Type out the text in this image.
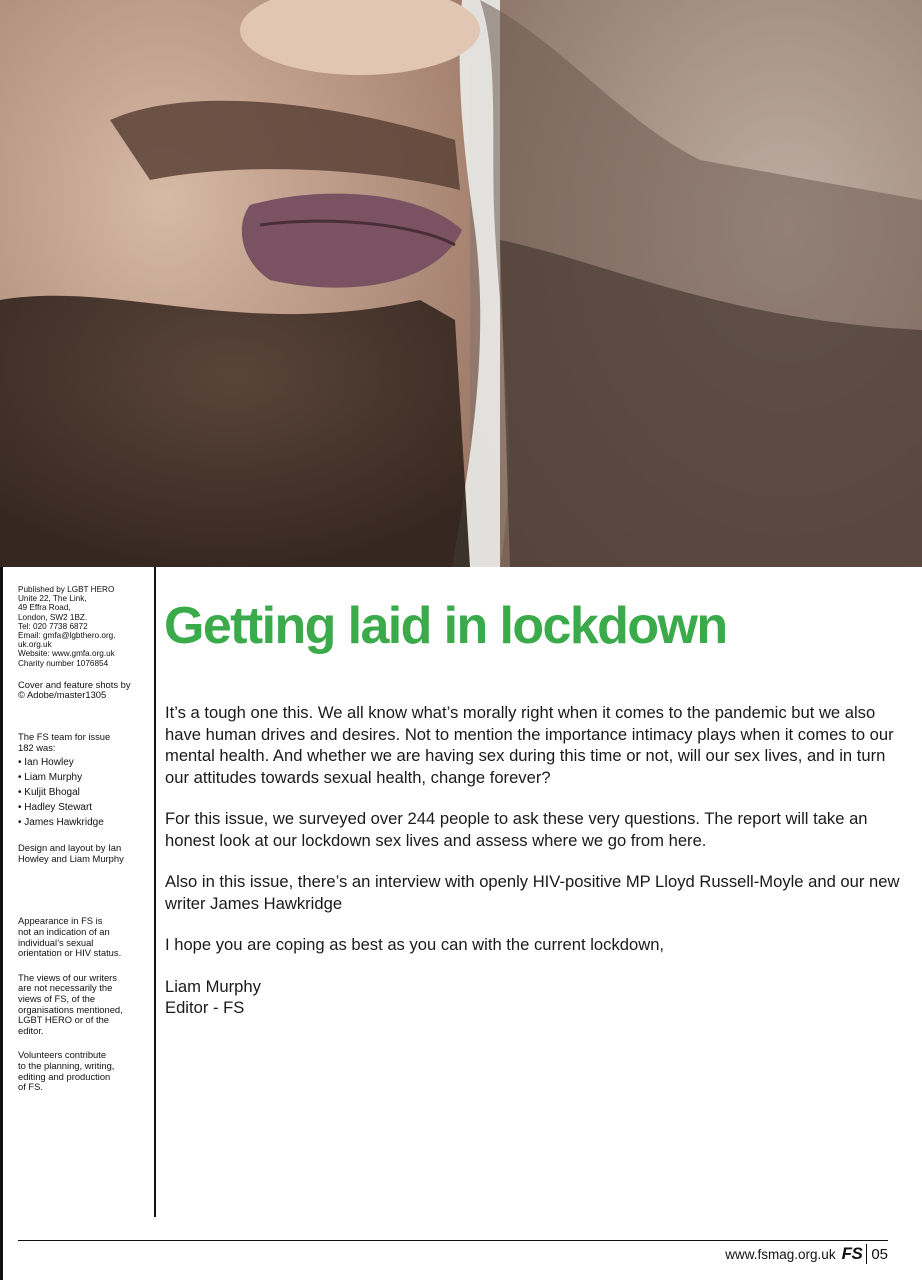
Published by LGBT HERO
Unite 22, The Link,
49 Effra Road,
London, SW2 1BZ.
Tel: 020 7738 6872
Email: gmfa@lgbthero.org.
uk.org.uk
Website: www.gmfa.org.uk
Charity number 1076854
Cover and feature shots by
© Adobe/master1305
The FS team for issue
182 was:
• Ian Howley
• Liam Murphy
• Kuljit Bhogal
• Hadley Stewart
• James Hawkridge
Design and layout by Ian
Howley and Liam Murphy
Appearance in FS is
not an indication of an
individual’s sexual
orientation or HIV status.
The views of our writers
are not necessarily the
views of FS, of the
organisations mentioned,
LGBT HERO or of the
editor.
Volunteers contribute
to the planning, writing,
editing and production
of FS.
Getting laid in lockdown

It’s a tough one this. We all know what’s morally right when it comes to the pandemic but we also have human drives and desires. Not to mention the importance intimacy plays when it comes to our mental health. And whether we are having sex during this time or not, will our sex lives, and in turn our attitudes towards sexual health, change forever?

For this issue, we surveyed over 244 people to ask these very questions. The report will take an honest look at our lockdown sex lives and assess where we go from here.

Also in this issue, there’s an interview with openly HIV-positive MP Lloyd Russell-Moyle and our new writer James Hawkridge

I hope you are coping as best as you can with the current lockdown,

Liam Murphy
Editor - FS
www.fsmag.org.uk FS 05
